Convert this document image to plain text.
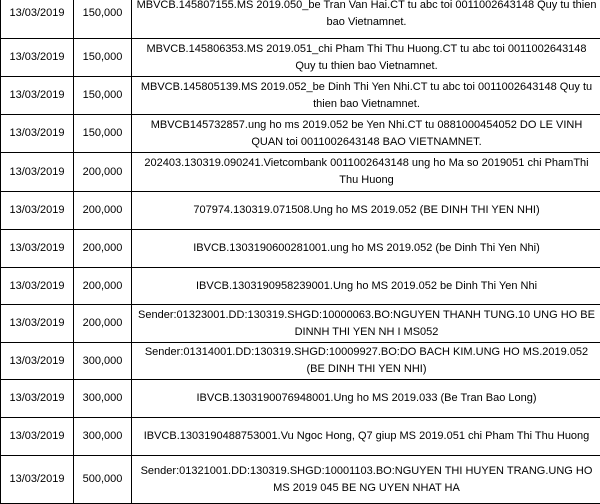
13/03/2019	150,000	MBVCB.145807155.MS 2019.050_be Tran Van Hai.CT tu abc toi 0011002643148 Quy tu thien bao Vietnamnet.
13/03/2019	150,000	MBVCB.145806353.MS 2019.051_chi Pham Thi Thu Huong.CT tu abc toi 0011002643148 Quy tu thien bao Vietnamnet.
13/03/2019	150,000	MBVCB.145805139.MS 2019.052_be Dinh Thi Yen Nhi.CT tu abc toi 0011002643148 Quy tu thien bao Vietnamnet.
13/03/2019	150,000	MBVCB145732857.ung ho ms 2019.052 be Yen Nhi.CT tu 0881000454052 DO LE VINH QUAN toi 0011002643148 BAO VIETNAMNET.
13/03/2019	200,000	202403.130319.090241.Vietcombank 0011002643148 ung ho Ma so 2019051 chi PhamThi Thu Huong
13/03/2019	200,000	707974.130319.071508.Ung ho MS 2019.052 (BE DINH THI YEN NHI)
13/03/2019	200,000	IBVCB.1303190600281001.ung ho MS 2019.052 (be Dinh Thi Yen Nhi)
13/03/2019	200,000	IBVCB.1303190958239001.Ung ho MS 2019.052 be Dinh Thi Yen Nhi
13/03/2019	200,000	Sender:01323001.DD:130319.SHGD:10000063.BO:NGUYEN THANH TUNG.10 UNG HO BE DINNH THI YEN NH I MS052
13/03/2019	300,000	Sender:01314001.DD:130319.SHGD:10009927.BO:DO BACH KIM.UNG HO MS.2019.052 (BE DINH THI YEN NHI)
13/03/2019	300,000	IBVCB.1303190076948001.Ung ho MS 2019.033 (Be Tran Bao Long)
13/03/2019	300,000	IBVCB.1303190488753001.Vu Ngoc Hong, Q7 giup MS 2019.051 chi Pham Thi Thu Huong
13/03/2019	500,000	Sender:01321001.DD:130319.SHGD:10001103.BO:NGUYEN THI HUYEN TRANG.UNG HO MS 2019 045 BE NG UYEN NHAT HA
